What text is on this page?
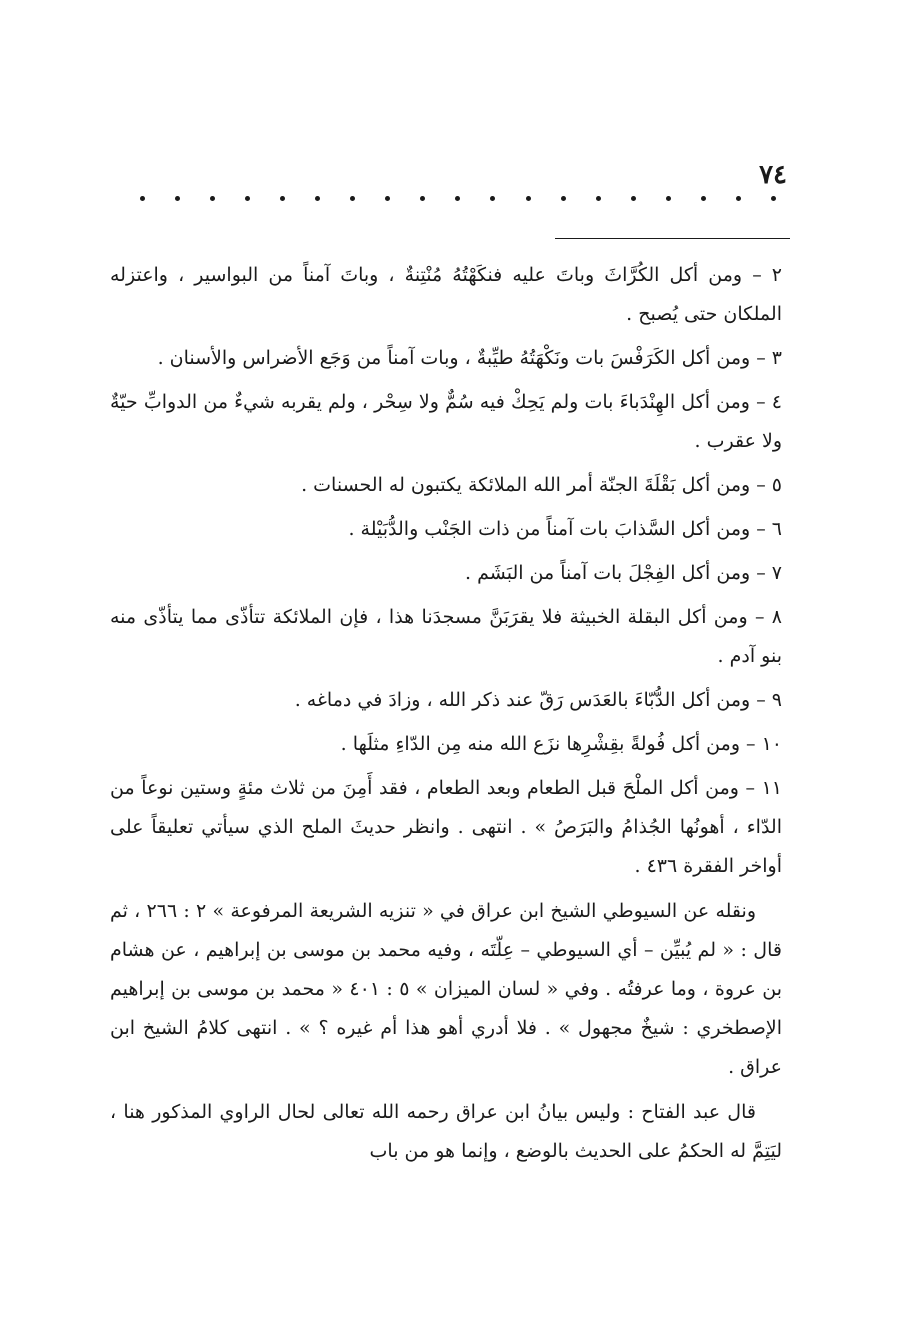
٧٤

٢ – ومن أكل الكُرَّاثَ وباتَ عليه فنكَهْتُهُ مُنْتِنةٌ ، وباتَ آمناً من البواسير ، واعتزله الملكان حتى يُصبح .

٣ – ومن أكل الكَرَفْسَ بات ونَكْهَتُهُ طيِّبةٌ ، وبات آمناً من وَجَع الأضراس والأسنان .

٤ – ومن أكل الهِنْدَباءَ بات ولم يَحِكْ فيه سُمٌّ ولا سِحْر ، ولم يقربه شيءٌ من الدوابِّ حيّةٌ ولا عقرب .

٥ – ومن أكل بَقْلَةَ الجنّة أمر الله الملائكة يكتبون له الحسنات .

٦ – ومن أكل السَّذابَ بات آمناً من ذات الجَنْب والدُّبَيْلة .

٧ – ومن أكل الفِجْلَ بات آمناً من البَشَم .

٨ – ومن أكل البقلة الخبيثة فلا يقرَبَنَّ مسجدَنا هذا ، فإن الملائكة تتأذّى مما يتأذّى منه بنو آدم .

٩ – ومن أكل الدُّبّاءَ بالعَدَس رَقّ عند ذكر الله ، وزادَ في دماغه .

١٠ – ومن أكل فُولةً بقِشْرِها نزَع الله منه مِن الدّاءِ مثلَها .

١١ – ومن أكل الملْحَ قبل الطعام وبعد الطعام ، فقد أَمِنَ من ثلاث مئةٍ وستين نوعاً من الدّاء ، أهونُها الجُذامُ والبَرَصُ » . انتهى . وانظر حديثَ الملح الذي سيأتي تعليقاً على أواخر الفقرة ٤٣٦ .

ونقله عن السيوطي الشيخ ابن عراق في « تنزيه الشريعة المرفوعة » ٢ : ٢٦٦ ، ثم قال : « لم يُبيِّن – أي السيوطي – عِلّتَه ، وفيه محمد بن موسى بن إبراهيم ، عن هشام بن عروة ، وما عرفتُه . وفي « لسان الميزان » ٥ : ٤٠١ « محمد بن موسى بن إبراهيم الإصطخري : شيخٌ مجهول » . فلا أدري أهو هذا أم غيره ؟ » . انتهى كلامُ الشيخ ابن عراق .

قال عبد الفتاح : وليس بيانُ ابن عراق رحمه الله تعالى لحال الراوي المذكور هنا ، ليَتِمَّ له الحكمُ على الحديث بالوضع ، وإنما هو من باب
